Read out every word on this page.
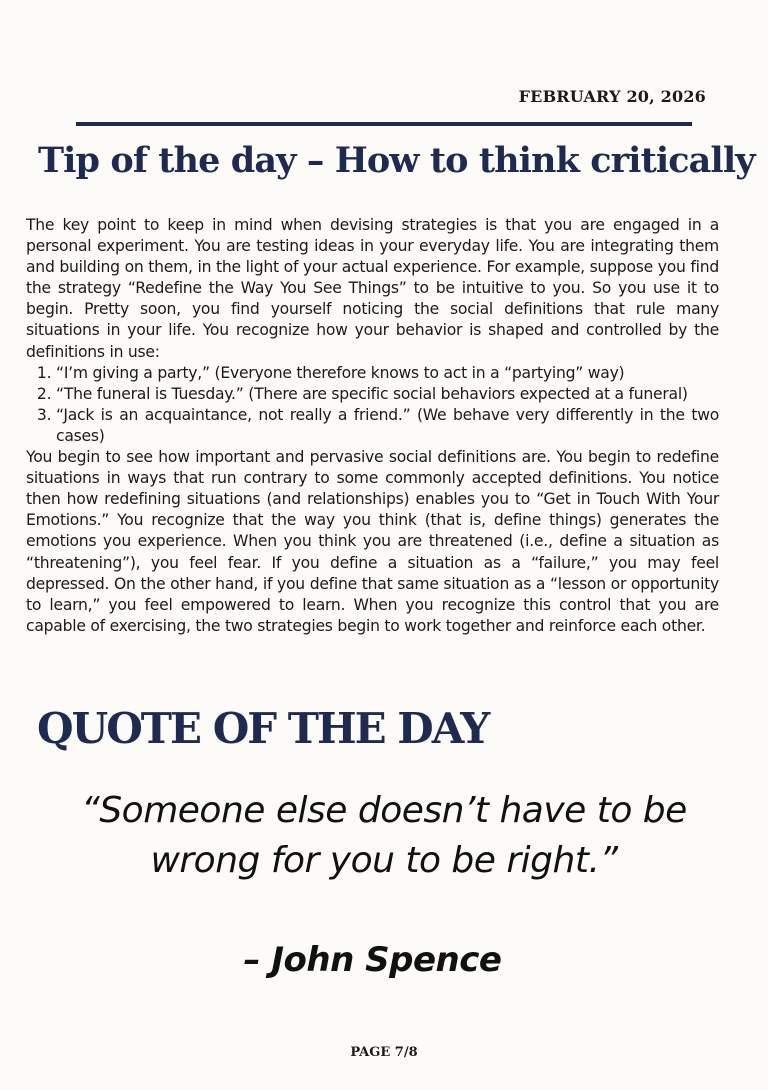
FEBRUARY 20, 2026
Tip of the day – How to think critically

The key point to keep in mind when devising strategies is that you are engaged in a personal experiment. You are testing ideas in your everyday life. You are integrating them and building on them, in the light of your actual experience. For example, suppose you find the strategy “Redefine the Way You See Things” to be intuitive to you. So you use it to begin. Pretty soon, you find yourself noticing the social definitions that rule many situations in your life. You recognize how your behavior is shaped and controlled by the definitions in use:

1. “I’m giving a party,” (Everyone therefore knows to act in a “partying” way)
2. “The funeral is Tuesday.” (There are specific social behaviors expected at a funeral)
3. “Jack is an acquaintance, not really a friend.” (We behave very differently in the two cases)

You begin to see how important and pervasive social definitions are. You begin to redefine situations in ways that run contrary to some commonly accepted definitions. You notice then how redefining situations (and relationships) enables you to “Get in Touch With Your Emotions.” You recognize that the way you think (that is, define things) generates the emotions you experience. When you think you are threatened (i.e., define a situation as “threatening”), you feel fear. If you define a situation as a “failure,” you may feel depressed. On the other hand, if you define that same situation as a “lesson or opportunity to learn,” you feel empowered to learn. When you recognize this control that you are capable of exercising, the two strategies begin to work together and reinforce each other.

QUOTE OF THE DAY
“Someone else doesn’t have to be
wrong for you to be right.”
– John Spence
PAGE 7/8
